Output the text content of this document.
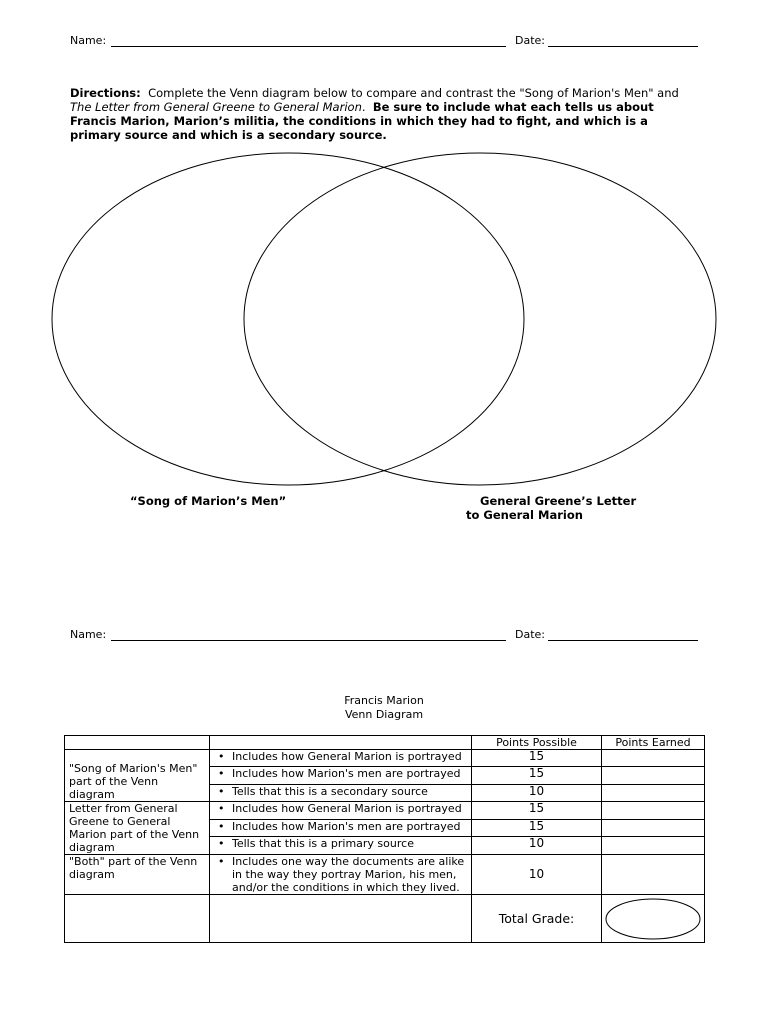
Name:	Date:
Directions: Complete the Venn diagram below to compare and contrast the "Song of Marion's Men" and
The Letter from General Greene to General Marion.  Be sure to include what each tells us about
Francis Marion, Marion’s militia, the conditions in which they had to fight, and which is a
primary source and which is a secondary source.
“Song of Marion’s Men”	General Greene’s Letter
to General Marion
Name:	Date:
Francis Marion
Venn Diagram
		Points Possible	Points Earned
"Song of Marion's Men" part of the Venn diagram	• Includes how General Marion is portrayed	15	
	• Includes how Marion's men are portrayed	15	
	• Tells that this is a secondary source	10	
Letter from General Greene to General Marion part of the Venn diagram	• Includes how General Marion is portrayed	15	
	• Includes how Marion's men are portrayed	15	
	• Tells that this is a primary source	10	
"Both" part of the Venn diagram	• Includes one way the documents are alike in the way they portray Marion, his men, and/or the conditions in which they lived.	10	
		Total Grade:	
